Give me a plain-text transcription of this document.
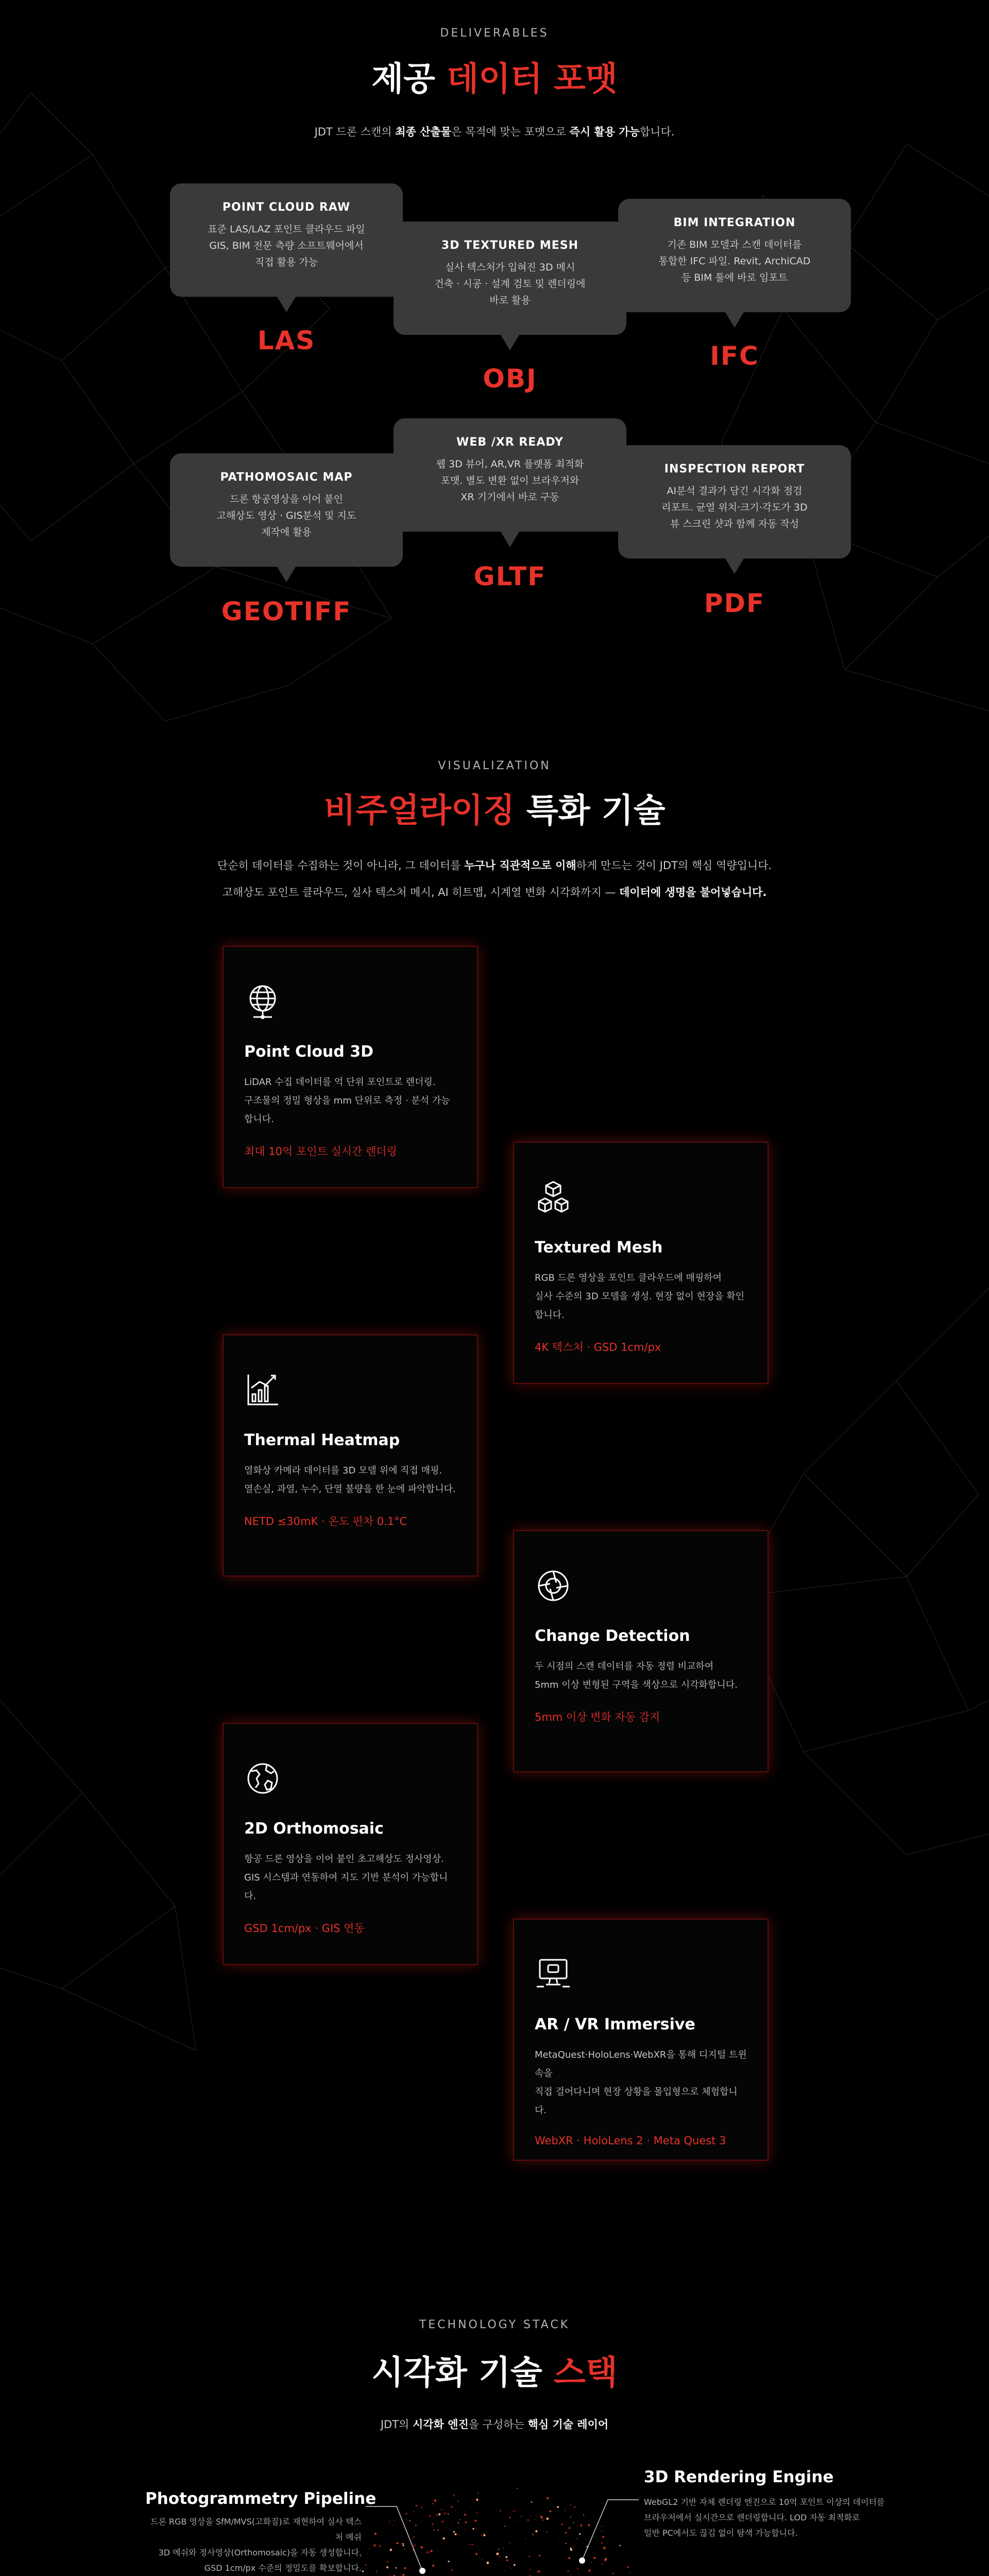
DELIVERABLES
제공 데이터 포맷
JDT 드론 스캔의 최종 산출물은 목적에 맞는 포맷으로 즉시 활용 가능합니다.
POINT CLOUD RAW
표준 LAS/LAZ 포인트 클라우드 파일
GIS, BIM 전문 측량 소프트웨어에서
직접 활용 가능
LAS
3D TEXTURED MESH
실사 텍스처가 입혀진 3D 메시
건축 · 시공 · 설계 검토 및 렌더링에
바로 활용
OBJ
BIM INTEGRATION
기존 BIM 모델과 스캔 데이터를
통합한 IFC 파일. Revit, ArchiCAD
등 BIM 툴에 바로 임포트
IFC
PATHOMOSAIC MAP
드론 항공영상을 이어 붙인
고해상도 영상 · GIS분석 및 지도
제작에 활용
GEOTIFF
WEB /XR READY
웹 3D 뷰어, AR,VR 플랫폼 최적화
포맷. 별도 변환 없이 브라우저와
XR 기기에서 바로 구동
GLTF
INSPECTION REPORT
AI분석 결과가 담긴 시각화 점검
리포트. 균열 위치·크기·각도가 3D
뷰 스크린 샷과 함께 자동 작성
PDF
VISUALIZATION
비주얼라이징 특화 기술
단순히 데이터를 수집하는 것이 아니라, 그 데이터를 누구나 직관적으로 이해하게 만드는 것이 JDT의 핵심 역량입니다.
고해상도 포인트 클라우드, 실사 텍스처 메시, AI 히트맵, 시계열 변화 시각화까지 — 데이터에 생명을 불어넣습니다.
Point Cloud 3D
LiDAR 수집 데이터를 억 단위 포인트로 렌더링.
구조물의 정밀 형상을 mm 단위로 측정 · 분석 가능합니다.
최대 10억 포인트 실시간 렌더링
Textured Mesh
RGB 드론 영상을 포인트 클라우드에 매핑하여
실사 수준의 3D 모델을 생성. 현장 없이 현장을 확인합니다.
4K 텍스처 · GSD 1cm/px
Thermal Heatmap
열화상 카메라 데이터를 3D 모델 위에 직접 매핑.
열손실, 과열, 누수, 단열 불량을 한 눈에 파악합니다.
NETD ≤30mK · 온도 편차 0.1°C
Change Detection
두 시점의 스캔 데이터를 자동 정렬 비교하여
5mm 이상 변형된 구역을 색상으로 시각화합니다.
5mm 이상 변화 자동 감지
2D Orthomosaic
항공 드론 영상을 이어 붙인 초고해상도 정사영상.
GIS 시스템과 연동하여 지도 기반 분석이 가능합니다.
GSD 1cm/px · GIS 연동
AR / VR Immersive
MetaQuest·HoloLens·WebXR을 통해 디지털 트윈 속을
직접 걸어다니며 현장 상황을 몰입형으로 체험합니다.
WebXR · HoloLens 2 · Meta Quest 3
TECHNOLOGY STACK
시각화 기술 스택
JDT의 시각화 엔진을 구성하는 핵심 기술 레이어
Photogrammetry Pipeline
드론 RGB 영상을 SfM/MVS(고화질)로 재현하여 실사 텍스처 메쉬
3D 메쉬와 정사영상(Orthomosaic)을 자동 생성합니다.
GSD 1cm/px 수준의 정밀도를 확보합니다.
3D Rendering Engine
WebGL2 기반 자체 렌더링 엔진으로 10억 포인트 이상의 데이터를
브라우저에서 실시간으로 렌더링합니다. LOD 자동 최적화로
일반 PC에서도 끊김 없이 탐색 가능합니다.
